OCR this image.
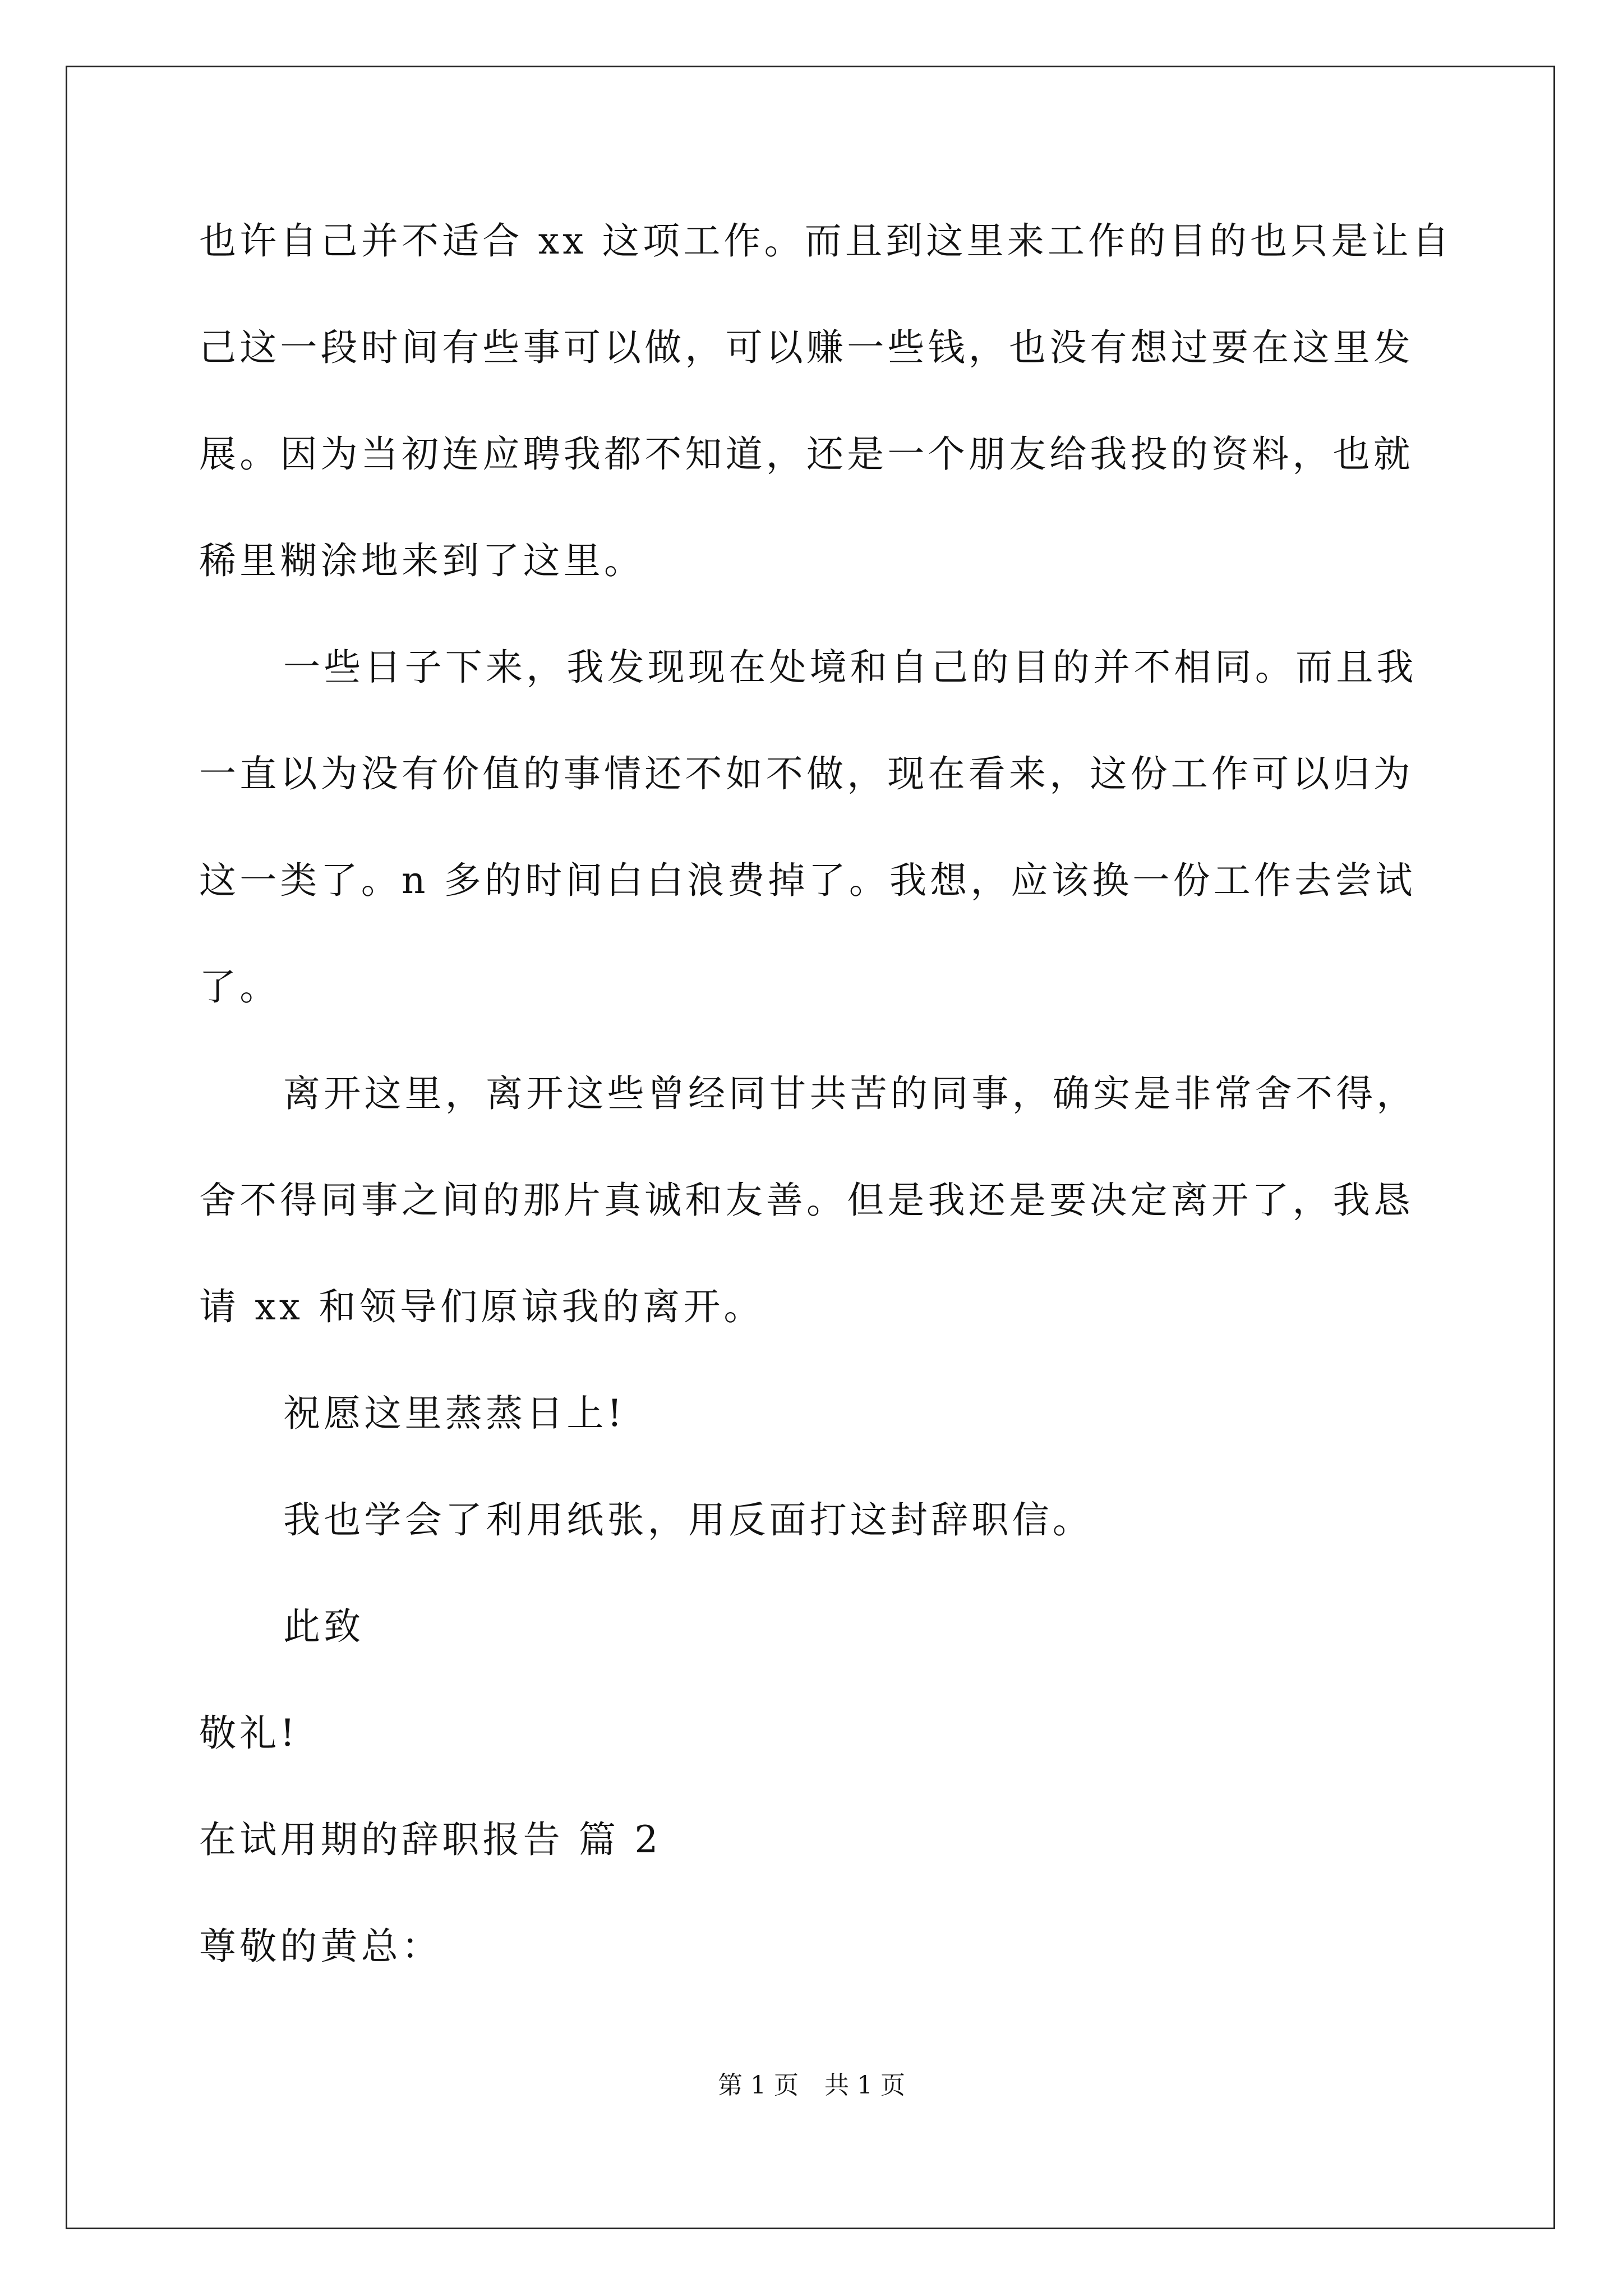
也许自己并不适合 xx 这项工作。而且到这里来工作的目的也只是让自
己这一段时间有些事可以做，可以赚一些钱，也没有想过要在这里发
展。因为当初连应聘我都不知道，还是一个朋友给我投的资料，也就
稀里糊涂地来到了这里。
一些日子下来，我发现现在处境和自己的目的并不相同。而且我
一直以为没有价值的事情还不如不做，现在看来，这份工作可以归为
这一类了。n 多的时间白白浪费掉了。我想，应该换一份工作去尝试
了。
离开这里，离开这些曾经同甘共苦的同事，确实是非常舍不得，
舍不得同事之间的那片真诚和友善。但是我还是要决定离开了，我恳
请 xx 和领导们原谅我的离开。
祝愿这里蒸蒸日上!
我也学会了利用纸张，用反面打这封辞职信。
此致
敬礼!
在试用期的辞职报告 篇 2
尊敬的黄总：
第 1 页 共 1 页
